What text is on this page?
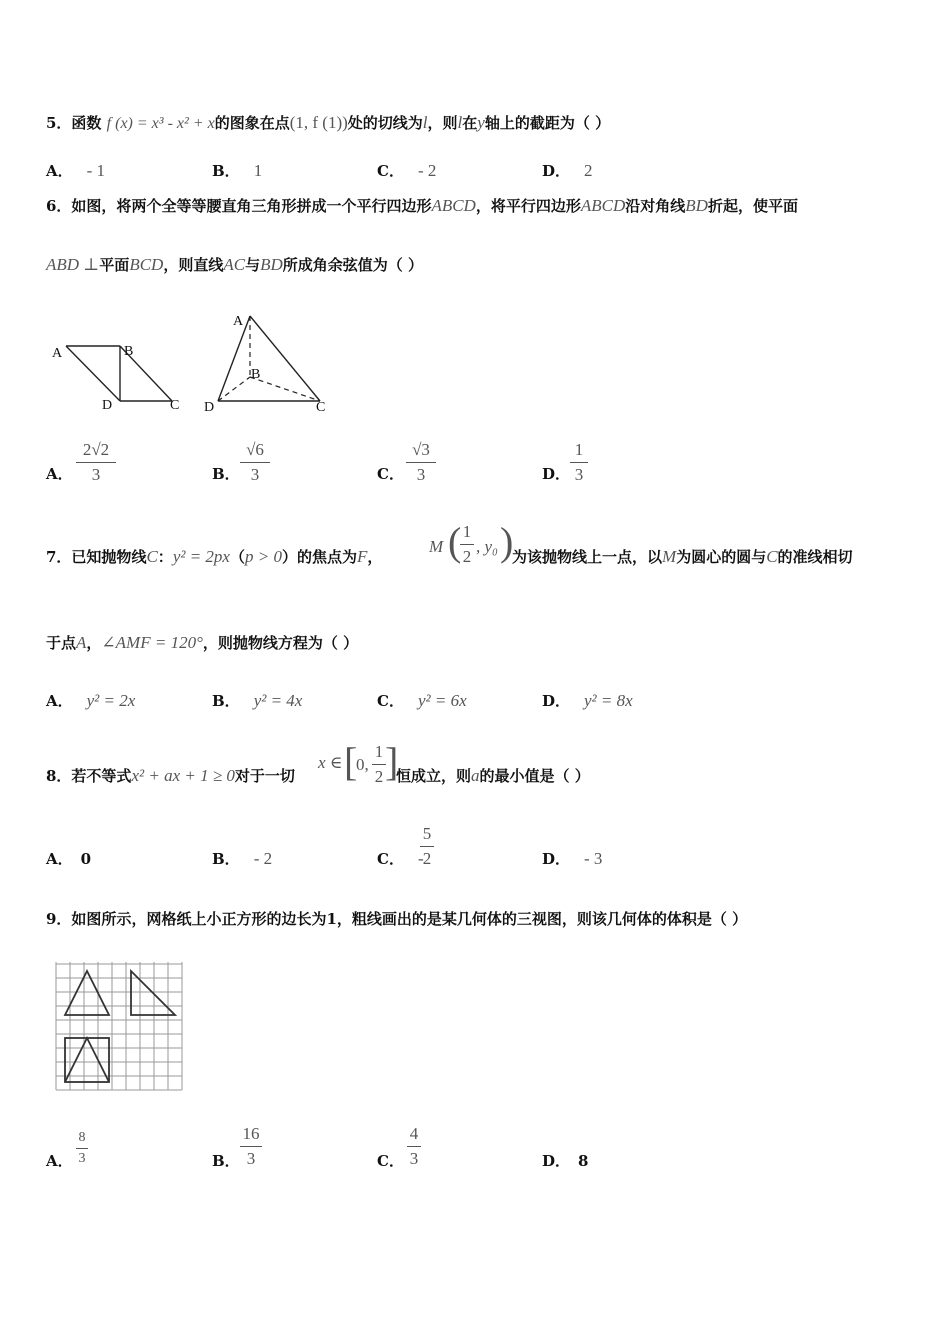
5．函数 f (x) = x³ - x² + x的图象在点(1, f (1))处的切线为l，则l在y轴上的截距为（ ）
A． - 1	B． 1	C． - 2	D． 2
6．如图，将两个全等等腰直角三角形拼成一个平行四边形ABCD，将平行四边形ABCD沿对角线BD折起，使平面
ABD ⊥平面BCD，则直线AC与BD所成角余弦值为（ ）
A	B
D	C
A
B
D	C
A．
2√2
3	B．
√6
3	C．
√3
3	D．
1
3
7．已知抛物线C：y² = 2px（p > 0）的焦点为F，
M ( 1
2
, y₀ )
为该抛物线上一点，以M为圆心的圆与C的准线相切
于点A，∠AMF = 120°，则抛物线方程为（ ）
A． y² = 2x	B． y² = 4x	C． y² = 6x	D． y² = 8x
8．若不等式x² + ax + 1 ≥ 0对于一切
x ∈ [
0,
1
2 ]
恒成立，则a的最小值是（ ）
A． 0	B． - 2	C． -
5
2	D． - 3
9．如图所示，网格纸上小正方形的边长为1，粗线画出的是某几何体的三视图，则该几何体的体积是（ ）
A．
8
3	B．
16
3	C．
4
3	D． 8
